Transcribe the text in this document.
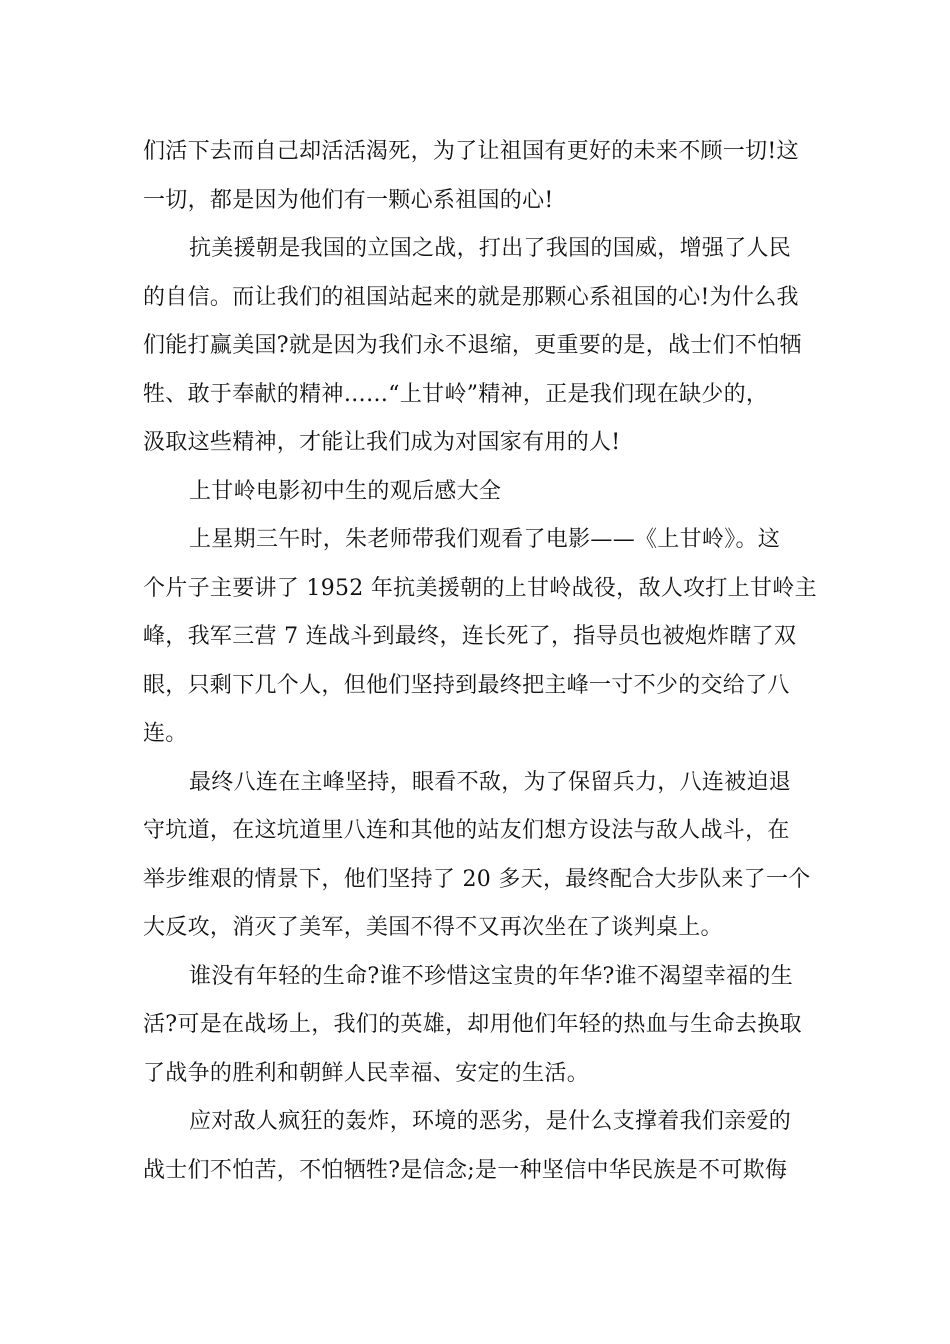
们活下去而自己却活活渴死，为了让祖国有更好的未来不顾一切!这
一切，都是因为他们有一颗心系祖国的心!
抗美援朝是我国的立国之战，打出了我国的国威，增强了人民
的自信。而让我们的祖国站起来的就是那颗心系祖国的心!为什么我
们能打赢美国?就是因为我们永不退缩，更重要的是，战士们不怕牺
牲、敢于奉献的精神……“上甘岭”精神，正是我们现在缺少的，
汲取这些精神，才能让我们成为对国家有用的人!
上甘岭电影初中生的观后感大全
上星期三午时，朱老师带我们观看了电影——《上甘岭》。这
个片子主要讲了 1952 年抗美援朝的上甘岭战役，敌人攻打上甘岭主
峰，我军三营 7 连战斗到最终，连长死了，指导员也被炮炸瞎了双
眼，只剩下几个人，但他们坚持到最终把主峰一寸不少的交给了八
连。
最终八连在主峰坚持，眼看不敌，为了保留兵力，八连被迫退
守坑道，在这坑道里八连和其他的站友们想方设法与敌人战斗，在
举步维艰的情景下，他们坚持了 20 多天，最终配合大步队来了一个
大反攻，消灭了美军，美国不得不又再次坐在了谈判桌上。
谁没有年轻的生命?谁不珍惜这宝贵的年华?谁不渴望幸福的生
活?可是在战场上，我们的英雄，却用他们年轻的热血与生命去换取
了战争的胜利和朝鲜人民幸福、安定的生活。
应对敌人疯狂的轰炸，环境的恶劣，是什么支撑着我们亲爱的
战士们不怕苦，不怕牺牲?是信念;是一种坚信中华民族是不可欺侮
